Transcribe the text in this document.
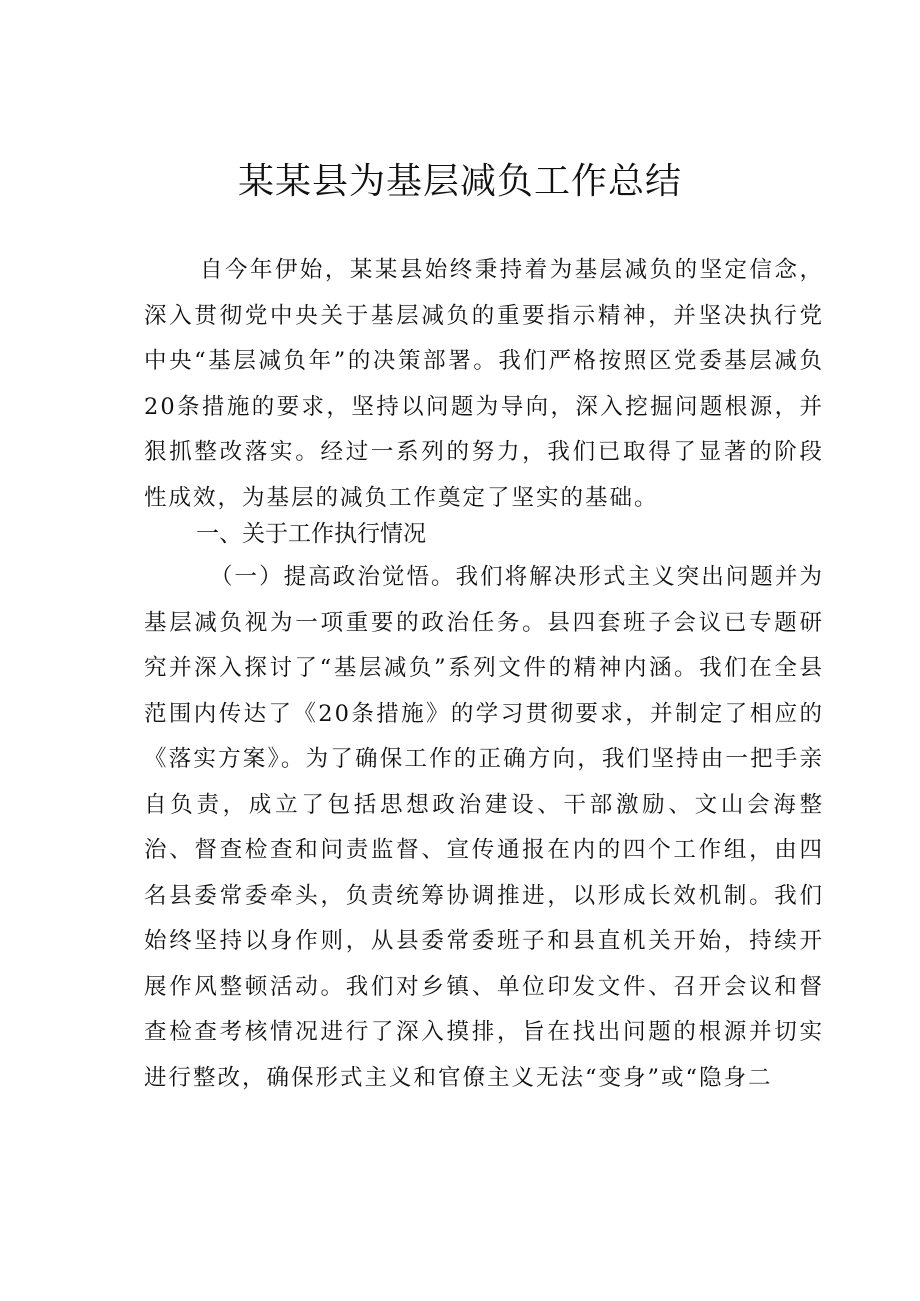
某某县为基层减负工作总结

自今年伊始，某某县始终秉持着为基层减负的坚定信念，深入贯彻党中央关于基层减负的重要指示精神，并坚决执行党中央“基层减负年”的决策部署。我们严格按照区党委基层减负20条措施的要求，坚持以问题为导向，深入挖掘问题根源，并狠抓整改落实。经过一系列的努力，我们已取得了显著的阶段性成效，为基层的减负工作奠定了坚实的基础。

一、关于工作执行情况

（一）提高政治觉悟。我们将解决形式主义突出问题并为基层减负视为一项重要的政治任务。县四套班子会议已专题研究并深入探讨了“基层减负”系列文件的精神内涵。我们在全县范围内传达了《20条措施》的学习贯彻要求，并制定了相应的《落实方案》。为了确保工作的正确方向，我们坚持由一把手亲自负责，成立了包括思想政治建设、干部激励、文山会海整治、督查检查和问责监督、宣传通报在内的四个工作组，由四名县委常委牵头，负责统筹协调推进，以形成长效机制。我们始终坚持以身作则，从县委常委班子和县直机关开始，持续开展作风整顿活动。我们对乡镇、单位印发文件、召开会议和督查检查考核情况进行了深入摸排，旨在找出问题的根源并切实进行整改，确保形式主义和官僚主义无法“变身”或“隐身二
